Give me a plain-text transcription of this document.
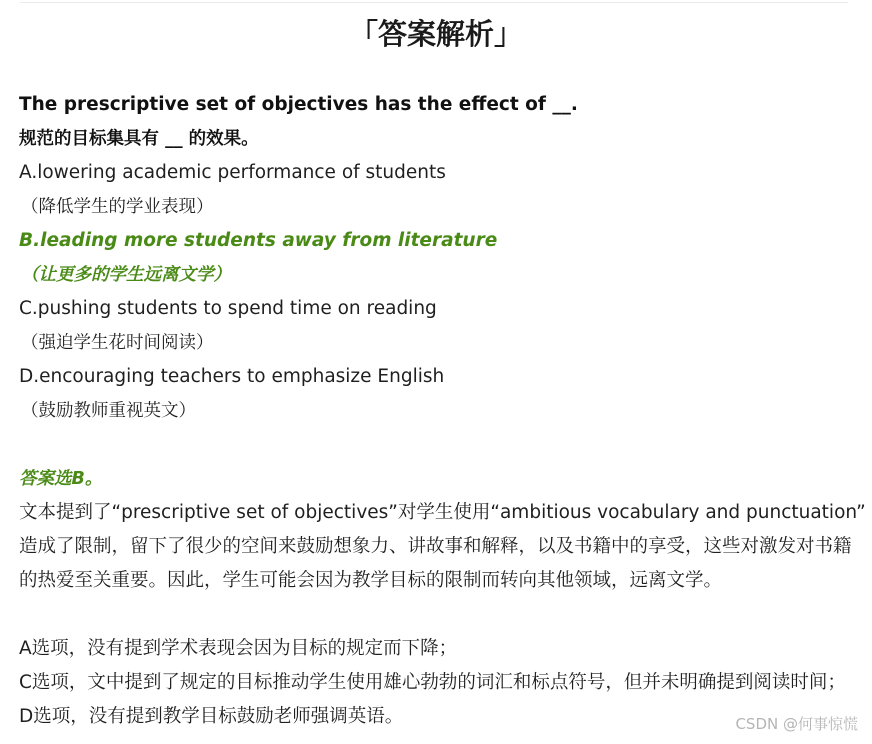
「答案解析」
The prescriptive set of objectives has the effect of __.
规范的目标集具有 __ 的效果。
A.lowering academic performance of students
（降低学生的学业表现）
B.leading more students away from literature
（让更多的学生远离文学）
C.pushing students to spend time on reading
（强迫学生花时间阅读）
D.encouraging teachers to emphasize English
（鼓励教师重视英文）
答案选B。
文本提到了“prescriptive set of objectives”对学生使用“ambitious vocabulary and punctuation”
造成了限制，留下了很少的空间来鼓励想象力、讲故事和解释，以及书籍中的享受，这些对激发对书籍
的热爱至关重要。因此，学生可能会因为教学目标的限制而转向其他领域，远离文学。
A选项，没有提到学术表现会因为目标的规定而下降；
C选项，文中提到了规定的目标推动学生使用雄心勃勃的词汇和标点符号，但并未明确提到阅读时间；
D选项，没有提到教学目标鼓励老师强调英语。	CSDN @何事惊慌
